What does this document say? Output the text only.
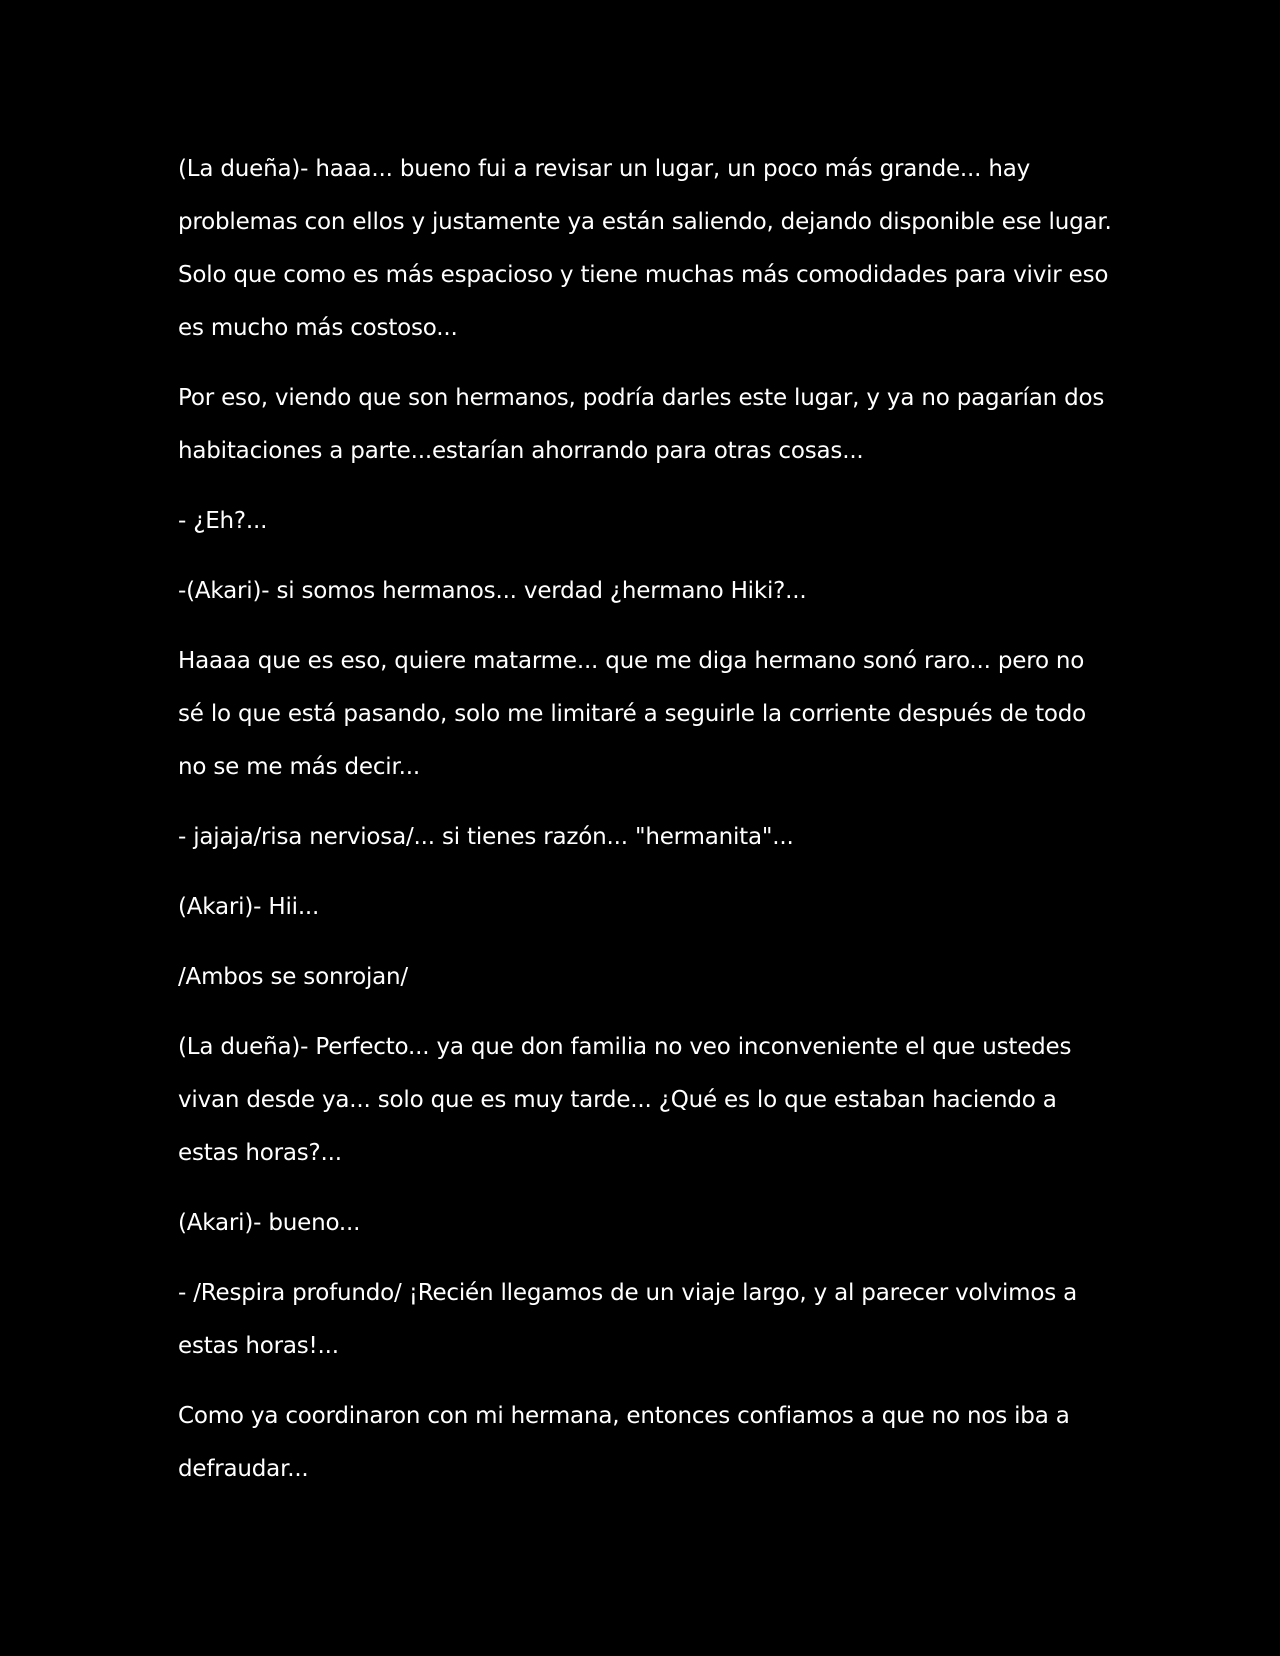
(La dueña)- haaa... bueno fui a revisar un lugar, un poco más grande... hay problemas con ellos y justamente ya están saliendo, dejando disponible ese lugar. Solo que como es más espacioso y tiene muchas más comodidades para vivir eso es mucho más costoso...

Por eso, viendo que son hermanos, podría darles este lugar, y ya no pagarían dos habitaciones a parte...estarían ahorrando para otras cosas...

- ¿Eh?...

-(Akari)- si somos hermanos... verdad ¿hermano Hiki?...

Haaaa que es eso, quiere matarme... que me diga hermano sonó raro... pero no sé lo que está pasando, solo me limitaré a seguirle la corriente después de todo no se me más decir...

- jajaja/risa nerviosa/... si tienes razón... "hermanita"...

(Akari)- Hii...

/Ambos se sonrojan/

(La dueña)- Perfecto... ya que don familia no veo inconveniente el que ustedes vivan desde ya... solo que es muy tarde... ¿Qué es lo que estaban haciendo a estas horas?...

(Akari)- bueno...

- /Respira profundo/ ¡Recién llegamos de un viaje largo, y al parecer volvimos a estas horas!...

Como ya coordinaron con mi hermana, entonces confiamos a que no nos iba a defraudar...
